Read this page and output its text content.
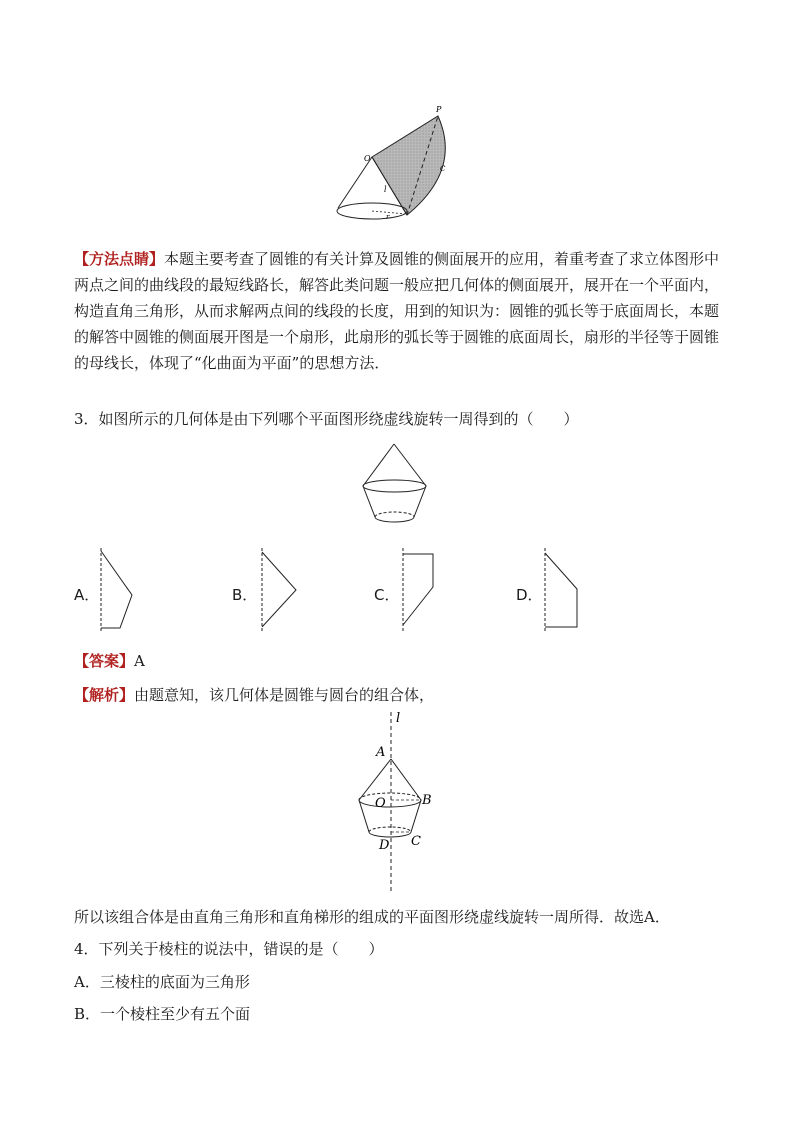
P
O
l
r
C
【方法点睛】本题主要考查了圆锥的有关计算及圆锥的侧面展开的应用，着重考查了求立体图形中两点之间的曲线段的最短线路长，解答此类问题一般应把几何体的侧面展开，展开在一个平面内，构造直角三角形，从而求解两点间的线段的长度，用到的知识为：圆锥的弧长等于底面周长，本题的解答中圆锥的侧面展开图是一个扇形，此扇形的弧长等于圆锥的底面周长，扇形的半径等于圆锥的母线长，体现了“化曲面为平面”的思想方法．
3．如图所示的几何体是由下列哪个平面图形绕虚线旋转一周得到的（　　）
A．	B．	C．	D．
【答案】A
【解析】由题意知，该几何体是圆锥与圆台的组合体，
l
A
O	B
C
D
所以该组合体是由直角三角形和直角梯形的组成的平面图形绕虚线旋转一周所得．故选A．
4．下列关于棱柱的说法中，错误的是（　　）
A．三棱柱的底面为三角形
B．一个棱柱至少有五个面
